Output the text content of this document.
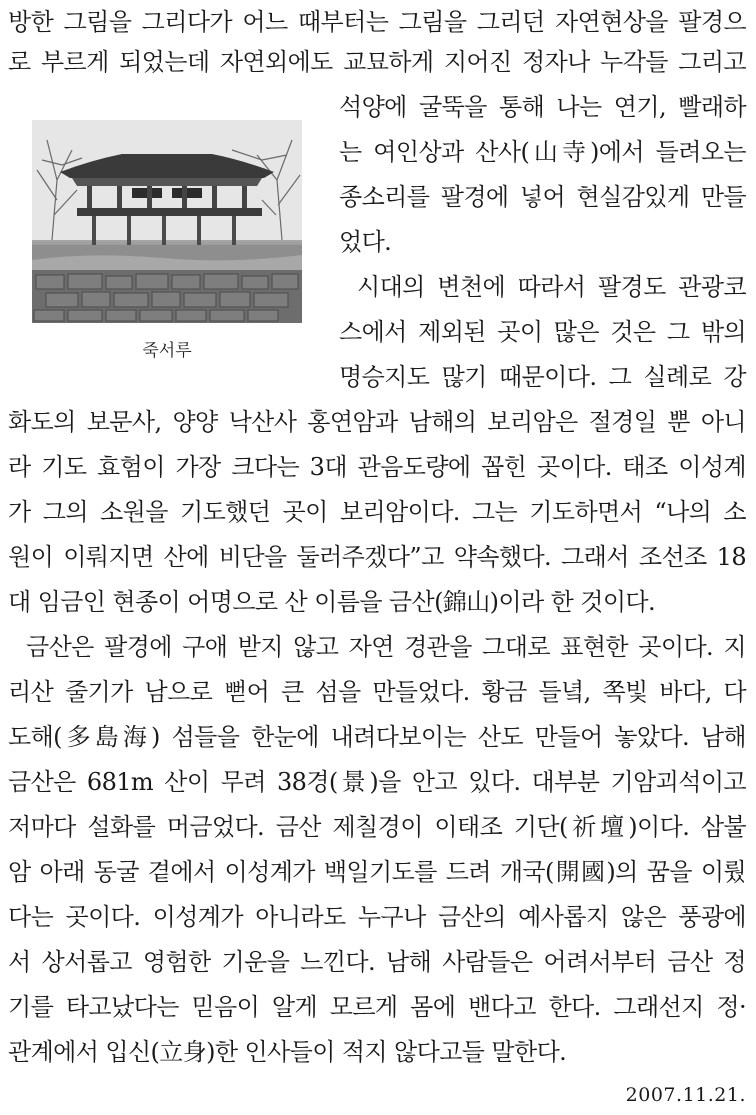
방한 그림을 그리다가 어느 때부터는 그림을 그리던 자연현상을 팔경으
로 부르게 되었는데 자연외에도 교묘하게 지어진 정자나 누각들 그리고
석양에 굴뚝을 통해 나는 연기, 빨래하
는 여인상과 산사(山寺)에서 들려오는
종소리를 팔경에 넣어 현실감있게 만들
었다.
시대의 변천에 따라서 팔경도 관광코
스에서 제외된 곳이 많은 것은 그 밖의
명승지도 많기 때문이다. 그 실례로 강
화도의 보문사, 양양 낙산사 홍연암과 남해의 보리암은 절경일 뿐 아니
라 기도 효험이 가장 크다는 3대 관음도량에 꼽힌 곳이다. 태조 이성계
가 그의 소원을 기도했던 곳이 보리암이다. 그는 기도하면서 “나의 소
원이 이뤄지면 산에 비단을 둘러주겠다”고 약속했다. 그래서 조선조 18
대 임금인 현종이 어명으로 산 이름을 금산(錦山)이라 한 것이다.
금산은 팔경에 구애 받지 않고 자연 경관을 그대로 표현한 곳이다. 지
리산 줄기가 남으로 뻗어 큰 섬을 만들었다. 황금 들녘, 쪽빛 바다, 다
도해(多島海) 섬들을 한눈에 내려다보이는 산도 만들어 놓았다. 남해
금산은 681m 산이 무려 38경(景)을 안고 있다. 대부분 기암괴석이고
저마다 설화를 머금었다. 금산 제칠경이 이태조 기단(祈壇)이다. 삼불
암 아래 동굴 곁에서 이성계가 백일기도를 드려 개국(開國)의 꿈을 이뤘
다는 곳이다. 이성계가 아니라도 누구나 금산의 예사롭지 않은 풍광에
서 상서롭고 영험한 기운을 느낀다. 남해 사람들은 어려서부터 금산 정
기를 타고났다는 믿음이 알게 모르게 몸에 밴다고 한다. 그래선지 정·
관계에서 입신(立身)한 인사들이 적지 않다고들 말한다.
죽서루
2007.11.21.
